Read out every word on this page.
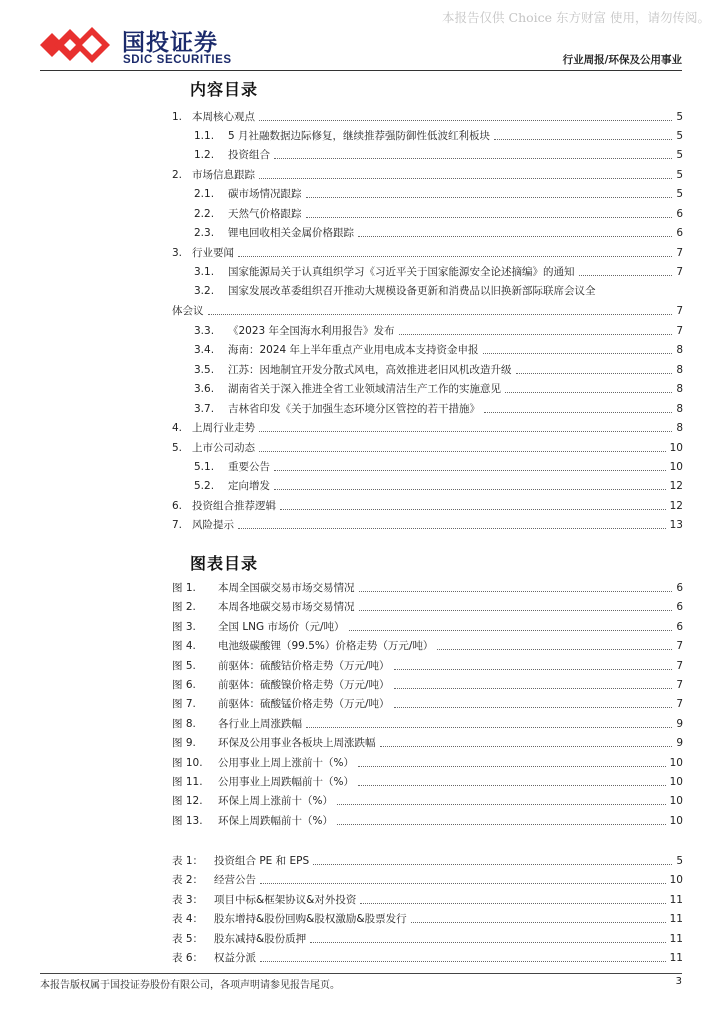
本报告仅供 Choice 东方财富 使用，请勿传阅。
国投证券
SDIC SECURITIES	行业周报/环保及公用事业
内容目录
1. 本周核心观点	5
1.1.	5 月社融数据边际修复，继续推荐强防御性低波红利板块	5
1.2.	投资组合	5
2. 市场信息跟踪	5
2.1.	碳市场情况跟踪	5
2.2.	天然气价格跟踪	6
2.3.	锂电回收相关金属价格跟踪	6
3. 行业要闻	7
3.1.	国家能源局关于认真组织学习《习近平关于国家能源安全论述摘编》的通知	7
3.2. 国家发展改革委组织召开推动大规模设备更新和消费品以旧换新部际联席会议全
体会议	7
3.3.	《2023 年全国海水利用报告》发布	7
3.4.	海南：2024 年上半年重点产业用电成本支持资金申报	8
3.5.	江苏：因地制宜开发分散式风电，高效推进老旧风机改造升级	8
3.6.	湖南省关于深入推进全省工业领域清洁生产工作的实施意见	8
3.7.	吉林省印发《关于加强生态环境分区管控的若干措施》	8
4. 上周行业走势	8
5. 上市公司动态	10
5.1.	重要公告	10
5.2.	定向增发	12
6. 投资组合推荐逻辑	12
7. 风险提示	13
图表目录
图 1.	本周全国碳交易市场交易情况	6
图 2.	本周各地碳交易市场交易情况	6
图 3.	全国 LNG 市场价（元/吨）	6
图 4.	电池级碳酸锂（99.5%）价格走势（万元/吨）	7
图 5.	前驱体：硫酸钴价格走势（万元/吨）	7
图 6.	前驱体：硫酸镍价格走势（万元/吨）	7
图 7.	前驱体：硫酸锰价格走势（万元/吨）	7
图 8.	各行业上周涨跌幅	9
图 9.	环保及公用事业各板块上周涨跌幅	9
图 10.	公用事业上周上涨前十（%）	10
图 11.	公用事业上周跌幅前十（%）	10
图 12.	环保上周上涨前十（%）	10
图 13.	环保上周跌幅前十（%）	10
表 1：	投资组合 PE 和 EPS	5
表 2：	经营公告	10
表 3：	项目中标&框架协议&对外投资	11
表 4：	股东增持&股份回购&股权激励&股票发行	11
表 5：	股东减持&股份质押	11
表 6：	权益分派	11
本报告版权属于国投证券股份有限公司，各项声明请参见报告尾页。	3
